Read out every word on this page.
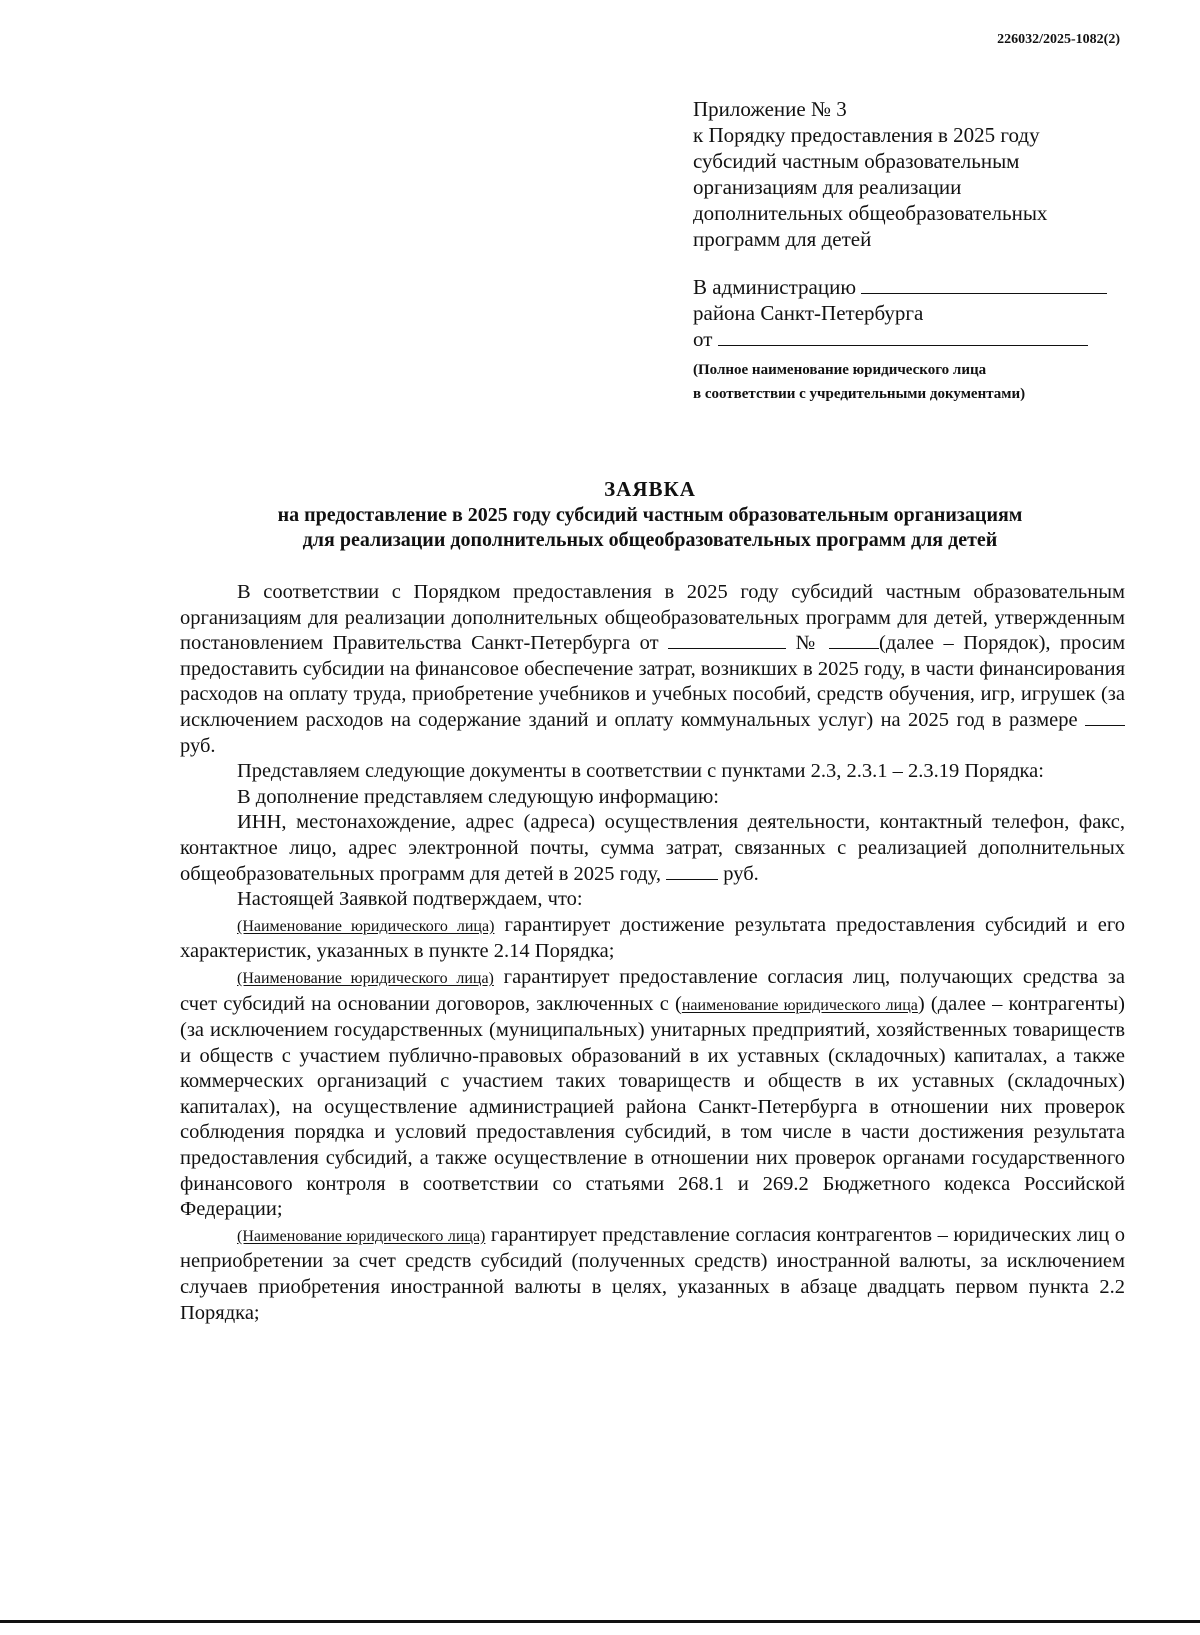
226032/2025-1082(2)
Приложение № 3
к Порядку предоставления в 2025 году
субсидий частным образовательным
организациям для реализации
дополнительных общеобразовательных
программ для детей
В администрацию
района Санкт-Петербурга
от
(Полное наименование юридического лица
в соответствии с учредительными документами)
ЗАЯВКА
на предоставление в 2025 году субсидий частным образовательным организациям
для реализации дополнительных общеобразовательных программ для детей

В соответствии с Порядком предоставления в 2025 году субсидий частным образовательным организациям для реализации дополнительных общеобразовательных программ для детей, утвержденным постановлением Правительства Санкт-Петербурга от	№	(далее – Порядок), просим предоставить субсидии на финансовое обеспечение затрат, возникших в 2025 году, в части финансирования расходов на оплату труда, приобретение учебников и учебных пособий, средств обучения, игр, игрушек (за исключением расходов на содержание зданий и оплату коммунальных услуг) на 2025 год в размере  руб.

Представляем следующие документы в соответствии с пунктами 2.3, 2.3.1 – 2.3.19 Порядка:

В дополнение представляем следующую информацию:

ИНН, местонахождение, адрес (адреса) осуществления деятельности, контактный телефон, факс, контактное лицо, адрес электронной почты, сумма затрат, связанных с реализацией дополнительных общеобразовательных программ для детей в 2025 году,	руб.

Настоящей Заявкой подтверждаем, что:

(Наименование юридического лица) гарантирует достижение результата предоставления субсидий и его характеристик, указанных в пункте 2.14 Порядка;

(Наименование юридического лица) гарантирует предоставление согласия лиц, получающих средства за счет субсидий на основании договоров, заключенных с (наименование юридического лица) (далее – контрагенты) (за исключением государственных (муниципальных) унитарных предприятий, хозяйственных товариществ и обществ с участием публично-правовых образований в их уставных (складочных) капиталах, а также коммерческих организаций с участием таких товариществ и обществ в их уставных (складочных) капиталах), на осуществление администрацией района Санкт-Петербурга в отношении них проверок соблюдения порядка и условий предоставления субсидий, в том числе в части достижения результата предоставления субсидий, а также осуществление в отношении них проверок органами государственного финансового контроля в соответствии со статьями 268.1 и 269.2 Бюджетного кодекса Российской Федерации;

(Наименование юридического лица) гарантирует представление согласия контрагентов – юридических лиц о неприобретении за счет средств субсидий (полученных средств) иностранной валюты, за исключением случаев приобретения иностранной валюты в целях, указанных в абзаце двадцать первом пункта 2.2 Порядка;
